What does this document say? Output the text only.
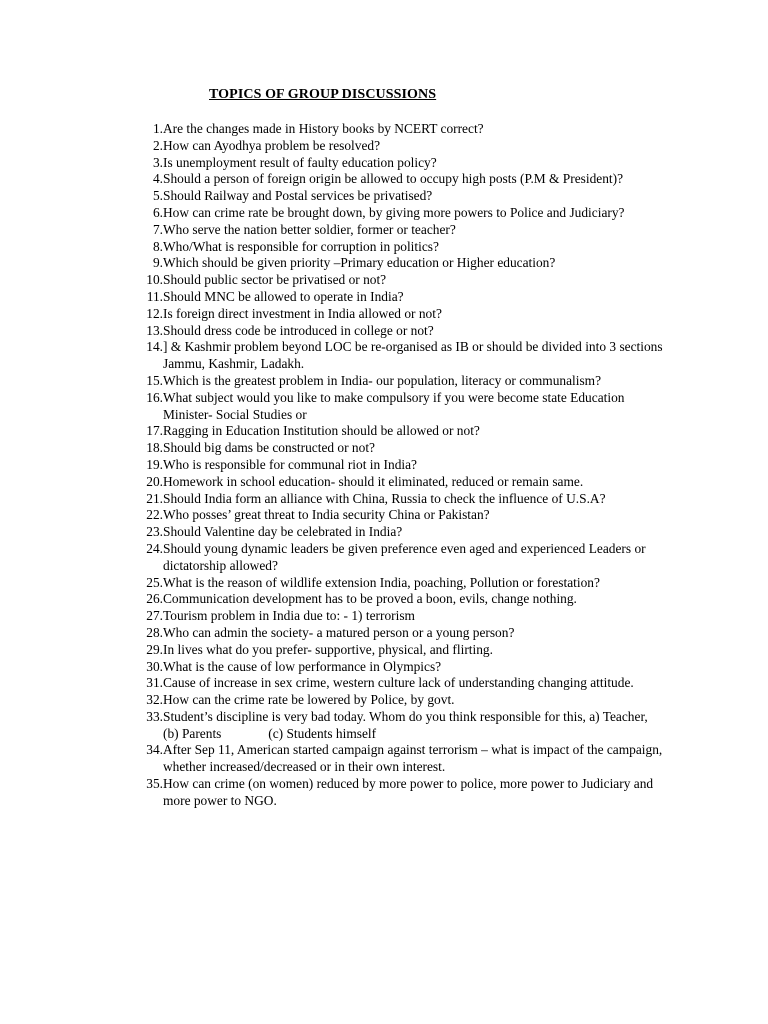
TOPICS OF GROUP DISCUSSIONS
1. Are the changes made in History books by NCERT correct?
2. How can Ayodhya problem be resolved?
3. Is unemployment result of faulty education policy?
4. Should a person of foreign origin be allowed to occupy high posts (P.M & President)?
5. Should Railway and Postal services be privatised?
6. How can crime rate be brought down, by giving more powers to Police and Judiciary?
7. Who serve the nation better soldier, former or teacher?
8. Who/What is responsible for corruption in politics?
9. Which should be given priority –Primary education or Higher education?
10. Should public sector be privatised or not?
11. Should MNC be allowed to operate in India?
12. Is foreign direct investment in India allowed or not?
13. Should dress code be introduced in college or not?
14. ] & Kashmir problem beyond LOC be re-organised as IB or should be divided into 3 sections Jammu, Kashmir, Ladakh.
15. Which is the greatest problem in India- our population, literacy or communalism?
16. What subject would you like to make compulsory if you were become state Education Minister- Social Studies or
17. Ragging in Education Institution should be allowed or not?
18. Should big dams be constructed or not?
19. Who is responsible for communal riot in India?
20. Homework in school education- should it eliminated, reduced or remain same.
21. Should India form an alliance with China, Russia to check the influence of U.S.A?
22. Who posses’ great threat to India security China or Pakistan?
23. Should Valentine day be celebrated in India?
24. Should young dynamic leaders be given preference even aged and experienced Leaders or dictatorship allowed?
25. What is the reason of wildlife extension India, poaching, Pollution or forestation?
26. Communication development has to be proved a boon, evils, change nothing.
27. Tourism problem in India due to: - 1) terrorism
28. Who can admin the society- a matured person or a young person?
29. In lives what do you prefer- supportive, physical, and flirting.
30. What is the cause of low performance in Olympics?
31. Cause of increase in sex crime, western culture lack of understanding changing attitude.
32. How can the crime rate be lowered by Police, by govt.
33. Student’s discipline is very bad today. Whom do you think responsible for this, a) Teacher,    (b) Parents              (c) Students himself
34. After Sep 11, American started campaign against terrorism – what is impact of the campaign, whether increased/decreased or in their own interest.
35. How can crime (on women) reduced by more power to police, more power to Judiciary and more power to NGO.
